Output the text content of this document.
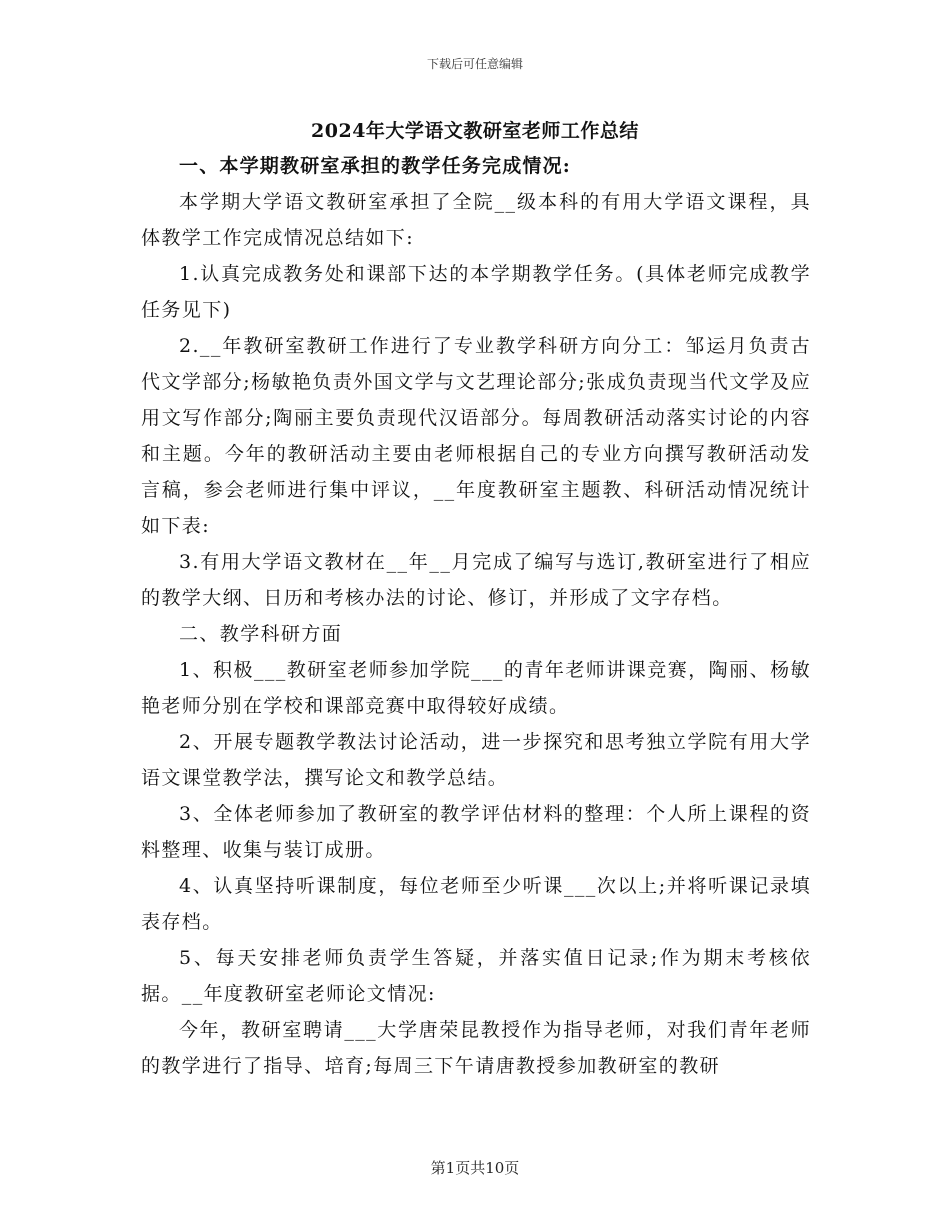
下载后可任意编辑
2024年大学语文教研室老师工作总结

一、本学期教研室承担的教学任务完成情况:

本学期大学语文教研室承担了全院__级本科的有用大学语文课程，具体教学工作完成情况总结如下:

1.认真完成教务处和课部下达的本学期教学任务。(具体老师完成教学任务见下)

2.__年教研室教研工作进行了专业教学科研方向分工：邹运月负责古代文学部分;杨敏艳负责外国文学与文艺理论部分;张成负责现当代文学及应用文写作部分;陶丽主要负责现代汉语部分。每周教研活动落实讨论的内容和主题。今年的教研活动主要由老师根据自己的专业方向撰写教研活动发言稿，参会老师进行集中评议，__年度教研室主题教、科研活动情况统计如下表:

3.有用大学语文教材在__年__月完成了编写与选订,教研室进行了相应的教学大纲、日历和考核办法的讨论、修订，并形成了文字存档。

二、教学科研方面

1、积极___教研室老师参加学院___的青年老师讲课竞赛，陶丽、杨敏艳老师分别在学校和课部竞赛中取得较好成绩。

2、开展专题教学教法讨论活动，进一步探究和思考独立学院有用大学语文课堂教学法，撰写论文和教学总结。

3、全体老师参加了教研室的教学评估材料的整理：个人所上课程的资料整理、收集与装订成册。

4、认真坚持听课制度，每位老师至少听课___次以上;并将听课记录填表存档。

5、每天安排老师负责学生答疑，并落实值日记录;作为期末考核依据。__年度教研室老师论文情况:

今年，教研室聘请___大学唐荣昆教授作为指导老师，对我们青年老师的教学进行了指导、培育;每周三下午请唐教授参加教研室的教研

第1页共10页
